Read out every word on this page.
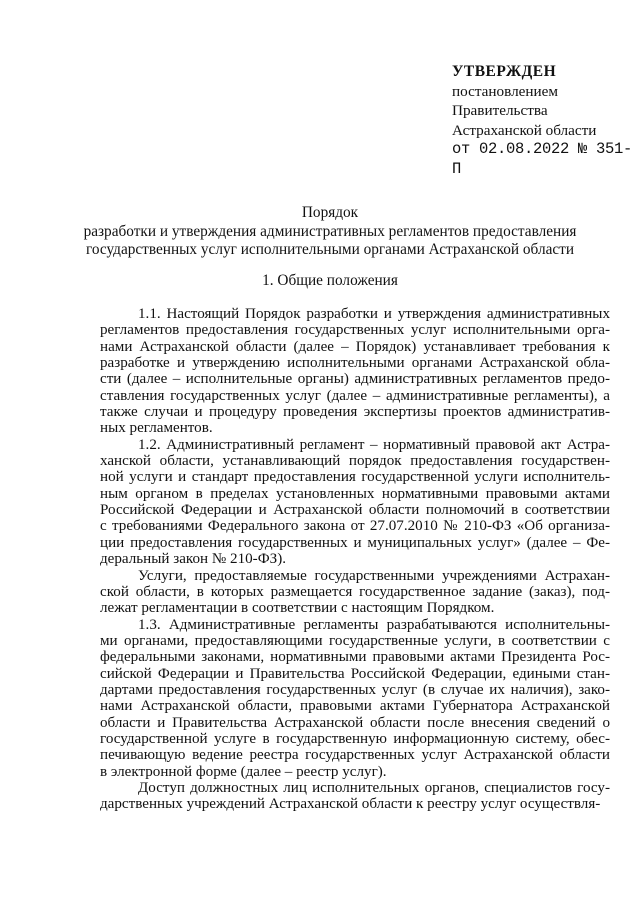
УТВЕРЖДЕН
постановлением
Правительства
Астраханской области
от 02.08.2022 № 351-П
Порядок
разработки и утверждения административных регламентов предоставления
государственных услуг исполнительными органами Астраханской области
1. Общие положения
1.1. Настоящий Порядок разработки и утверждения административных
регламентов предоставления государственных услуг исполнительными орга-
нами Астраханской области (далее – Порядок) устанавливает требования к
разработке и утверждению исполнительными органами Астраханской обла-
сти (далее – исполнительные органы) административных регламентов предо-
ставления государственных услуг (далее – административные регламенты), а
также случаи и процедуру проведения экспертизы проектов административ-
ных регламентов.
1.2. Административный регламент – нормативный правовой акт Астра-
ханской области, устанавливающий порядок предоставления государствен-
ной услуги и стандарт предоставления государственной услуги исполнитель-
ным органом в пределах установленных нормативными правовыми актами
Российской Федерации и Астраханской области полномочий в соответствии
с требованиями Федерального закона от 27.07.2010 № 210-ФЗ «Об организа-
ции предоставления государственных и муниципальных услуг» (далее – Фе-
деральный закон № 210-ФЗ).
Услуги, предоставляемые государственными учреждениями Астрахан-
ской области, в которых размещается государственное задание (заказ), под-
лежат регламентации в соответствии с настоящим Порядком.
1.3. Административные регламенты разрабатываются исполнительны-
ми органами, предоставляющими государственные услуги, в соответствии с
федеральными законами, нормативными правовыми актами Президента Рос-
сийской Федерации и Правительства Российской Федерации, едиными стан-
дартами предоставления государственных услуг (в случае их наличия), зако-
нами Астраханской области, правовыми актами Губернатора Астраханской
области и Правительства Астраханской области после внесения сведений о
государственной услуге в государственную информационную систему, обес-
печивающую ведение реестра государственных услуг Астраханской области
в электронной форме (далее – реестр услуг).
Доступ должностных лиц исполнительных органов, специалистов госу-
дарственных учреждений Астраханской области к реестру услуг осуществля-
